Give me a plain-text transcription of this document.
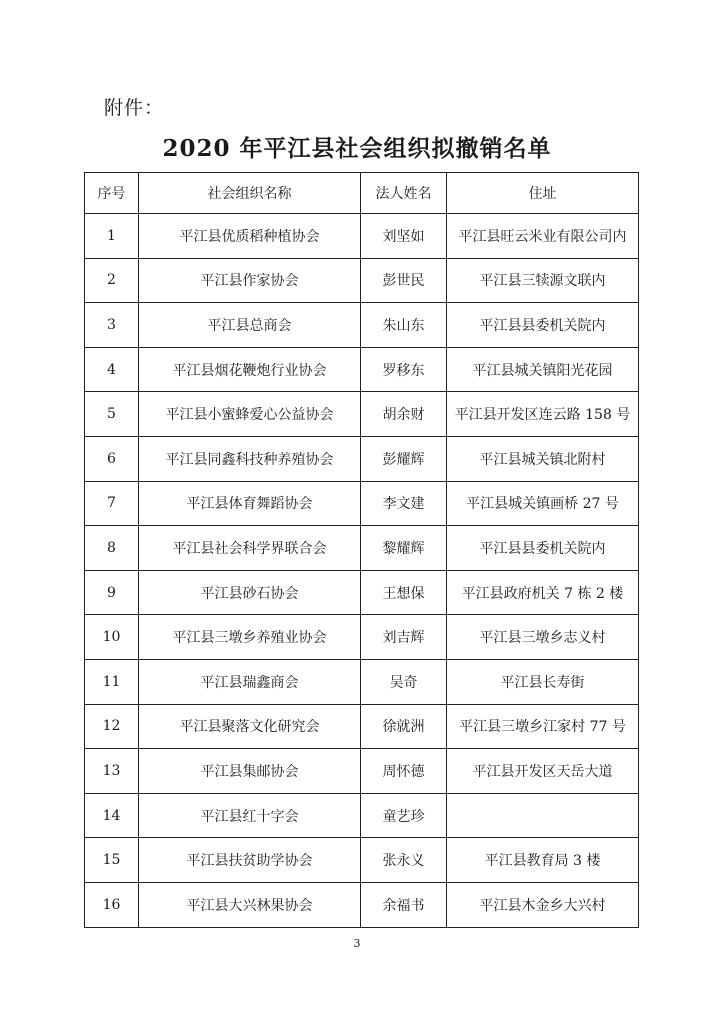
附件：
2020 年平江县社会组织拟撤销名单
序号	社会组织名称	法人姓名	住址
1	平江县优质稻种植协会	刘坚如	平江县旺云米业有限公司内
2	平江县作家协会	彭世民	平江县三犊源文联内
3	平江县总商会	朱山东	平江县县委机关院内
4	平江县烟花鞭炮行业协会	罗移东	平江县城关镇阳光花园
5	平江县小蜜蜂爱心公益协会	胡余财	平江县开发区连云路 158 号
6	平江县同鑫科技种养殖协会	彭耀辉	平江县城关镇北附村
7	平江县体育舞蹈协会	李文建	平江县城关镇画桥 27 号
8	平江县社会科学界联合会	黎耀辉	平江县县委机关院内
9	平江县砂石协会	王想保	平江县政府机关 7 栋 2 楼
10	平江县三墩乡养殖业协会	刘吉辉	平江县三墩乡志义村
11	平江县瑞鑫商会	吴奇	平江县长寿街
12	平江县聚落文化研究会	徐就洲	平江县三墩乡江家村 77 号
13	平江县集邮协会	周怀德	平江县开发区天岳大道
14	平江县红十字会	童艺珍	
15	平江县扶贫助学协会	张永义	平江县教育局 3 楼
16	平江县大兴林果协会	余福书	平江县木金乡大兴村
3
